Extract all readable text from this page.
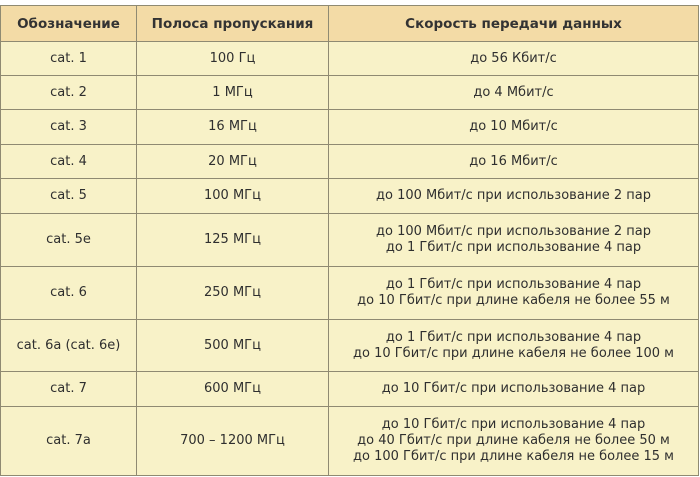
Обозначение	Полоса пропускания	Скорость передачи данных
cat. 1	100 Гц	до 56 Кбит/с

cat. 2	1 МГц	до 4 Мбит/с

cat. 3	16 МГц	до 10 Мбит/с

cat. 4	20 МГц	до 16 Мбит/с

cat. 5	100 МГц	до 100 Мбит/с при использование 2 пар

cat. 5e	125 МГц	до 100 Мбит/с при использование 2 пар
до 1 Гбит/с при использование 4 пар

cat. 6	250 МГц	до 1 Гбит/с при использование 4 пар
до 10 Гбит/с при длине кабеля не более 55 м

cat. 6a (cat. 6e)	500 МГц	до 1 Гбит/с при использование 4 пар
до 10 Гбит/с при длине кабеля не более 100 м

cat. 7	600 МГц	до 10 Гбит/с при использование 4 пар

cat. 7a	700 – 1200 МГц	до 10 Гбит/с при использование 4 пар
до 40 Гбит/с при длине кабеля не более 50 м
до 100 Гбит/с при длине кабеля не более 15 м
